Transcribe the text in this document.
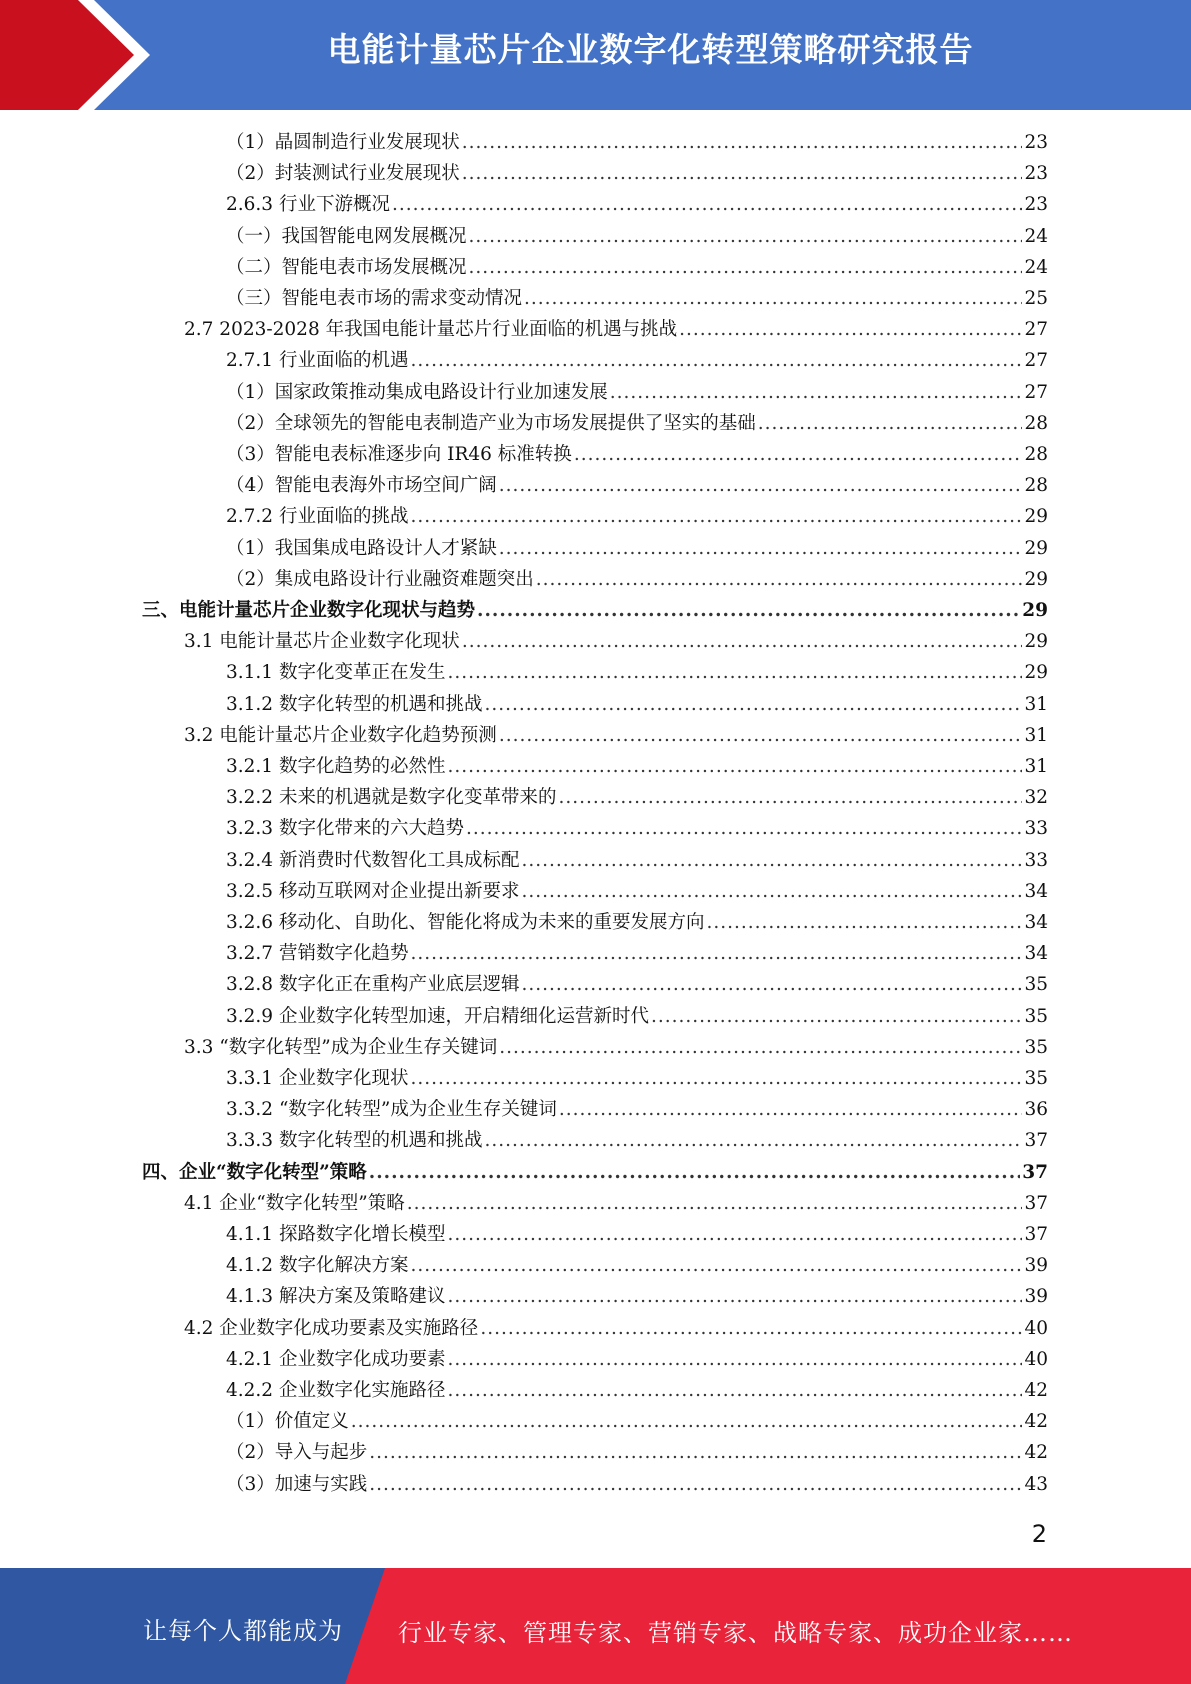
电能计量芯片企业数字化转型策略研究报告
（1）晶圆制造行业发展现状 .....	23
（2）封装测试行业发展现状 .....	23
2.6.3 行业下游概况 .....	23
（一）我国智能电网发展概况 .....	24
（二）智能电表市场发展概况 .....	24
（三）智能电表市场的需求变动情况 .....	25
2.7 2023-2028 年我国电能计量芯片行业面临的机遇与挑战 .....	27
2.7.1 行业面临的机遇 .....	27
（1）国家政策推动集成电路设计行业加速发展 .....	27
（2）全球领先的智能电表制造产业为市场发展提供了坚实的基础 .....	28
（3）智能电表标准逐步向 IR46 标准转换 .....	28
（4）智能电表海外市场空间广阔 .....	28
2.7.2 行业面临的挑战 .....	29
（1）我国集成电路设计人才紧缺 .....	29
（2）集成电路设计行业融资难题突出 .....	29
三、电能计量芯片企业数字化现状与趋势 .....	29
3.1 电能计量芯片企业数字化现状 .....	29
3.1.1 数字化变革正在发生 .....	29
3.1.2 数字化转型的机遇和挑战 .....	31
3.2 电能计量芯片企业数字化趋势预测 .....	31
3.2.1 数字化趋势的必然性 .....	31
3.2.2 未来的机遇就是数字化变革带来的 .....	32
3.2.3 数字化带来的六大趋势 .....	33
3.2.4 新消费时代数智化工具成标配 .....	33
3.2.5 移动互联网对企业提出新要求 .....	34
3.2.6 移动化、自助化、智能化将成为未来的重要发展方向 .....	34
3.2.7 营销数字化趋势 .....	34
3.2.8 数字化正在重构产业底层逻辑 .....	35
3.2.9 企业数字化转型加速，开启精细化运营新时代 .....	35
3.3 “数字化转型”成为企业生存关键词 .....	35
3.3.1 企业数字化现状 .....	35
3.3.2 “数字化转型”成为企业生存关键词 .....	36
3.3.3 数字化转型的机遇和挑战 .....	37
四、企业“数字化转型”策略 .....	37
4.1 企业“数字化转型”策略 .....	37
4.1.1 探路数字化增长模型 .....	37
4.1.2 数字化解决方案 .....	39
4.1.3 解决方案及策略建议 .....	39
4.2 企业数字化成功要素及实施路径 .....	40
4.2.1 企业数字化成功要素 .....	40
4.2.2 企业数字化实施路径 .....	42
（1）价值定义 .....	42
（2）导入与起步 .....	42
（3）加速与实践 .....	43
2
让每个人都能成为 行业专家、管理专家、营销专家、战略专家、成功企业家……
